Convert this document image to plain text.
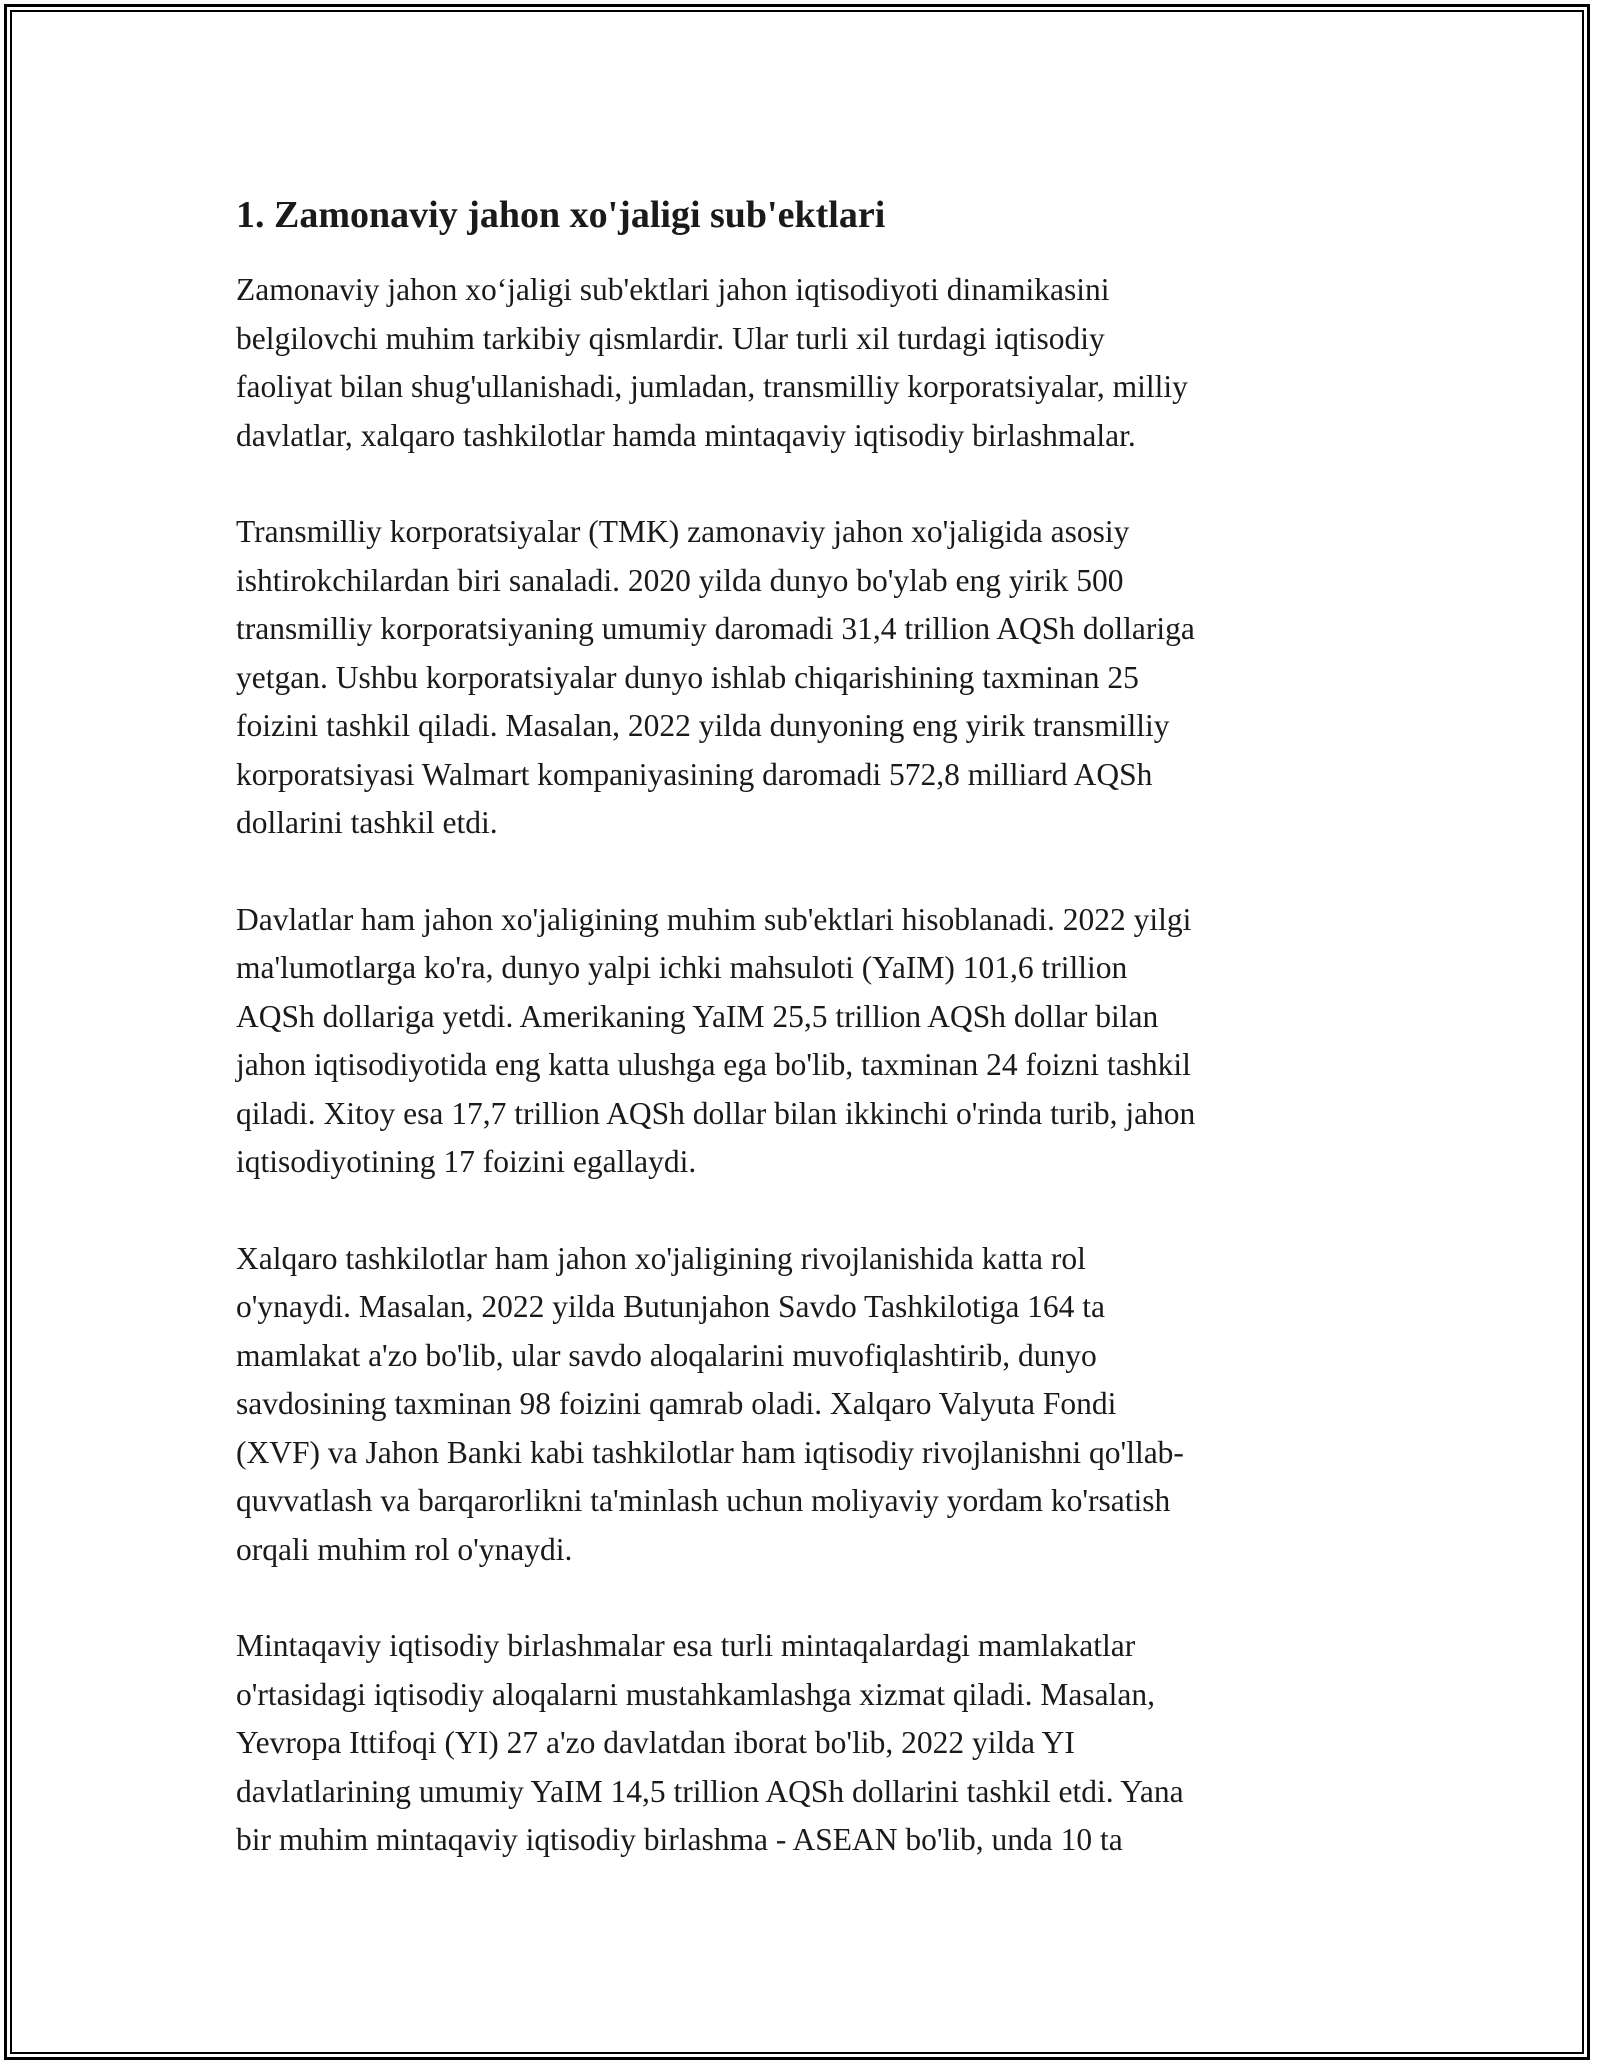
1. Zamonaviy jahon xo'jaligi sub'ektlari
Zamonaviy jahon xo‘jaligi sub'ektlari jahon iqtisodiyoti dinamikasini
belgilovchi muhim tarkibiy qismlardir. Ular turli xil turdagi iqtisodiy
faoliyat bilan shug'ullanishadi, jumladan, transmilliy korporatsiyalar, milliy
davlatlar, xalqaro tashkilotlar hamda mintaqaviy iqtisodiy birlashmalar.
Transmilliy korporatsiyalar (TMK) zamonaviy jahon xo'jaligida asosiy
ishtirokchilardan biri sanaladi. 2020 yilda dunyo bo'ylab eng yirik 500
transmilliy korporatsiyaning umumiy daromadi 31,4 trillion AQSh dollariga
yetgan. Ushbu korporatsiyalar dunyo ishlab chiqarishining taxminan 25
foizini tashkil qiladi. Masalan, 2022 yilda dunyoning eng yirik transmilliy
korporatsiyasi Walmart kompaniyasining daromadi 572,8 milliard AQSh
dollarini tashkil etdi.
Davlatlar ham jahon xo'jaligining muhim sub'ektlari hisoblanadi. 2022 yilgi
ma'lumotlarga ko'ra, dunyo yalpi ichki mahsuloti (YaIM) 101,6 trillion
AQSh dollariga yetdi. Amerikaning YaIM 25,5 trillion AQSh dollar bilan
jahon iqtisodiyotida eng katta ulushga ega bo'lib, taxminan 24 foizni tashkil
qiladi. Xitoy esa 17,7 trillion AQSh dollar bilan ikkinchi o'rinda turib, jahon
iqtisodiyotining 17 foizini egallaydi.
Xalqaro tashkilotlar ham jahon xo'jaligining rivojlanishida katta rol
o'ynaydi. Masalan, 2022 yilda Butunjahon Savdo Tashkilotiga 164 ta
mamlakat a'zo bo'lib, ular savdo aloqalarini muvofiqlashtirib, dunyo
savdosining taxminan 98 foizini qamrab oladi. Xalqaro Valyuta Fondi
(XVF) va Jahon Banki kabi tashkilotlar ham iqtisodiy rivojlanishni qo'llab-
quvvatlash va barqarorlikni ta'minlash uchun moliyaviy yordam ko'rsatish
orqali muhim rol o'ynaydi.
Mintaqaviy iqtisodiy birlashmalar esa turli mintaqalardagi mamlakatlar
o'rtasidagi iqtisodiy aloqalarni mustahkamlashga xizmat qiladi. Masalan,
Yevropa Ittifoqi (YI) 27 a'zo davlatdan iborat bo'lib, 2022 yilda YI
davlatlarining umumiy YaIM 14,5 trillion AQSh dollarini tashkil etdi. Yana
bir muhim mintaqaviy iqtisodiy birlashma - ASEAN bo'lib, unda 10 ta
